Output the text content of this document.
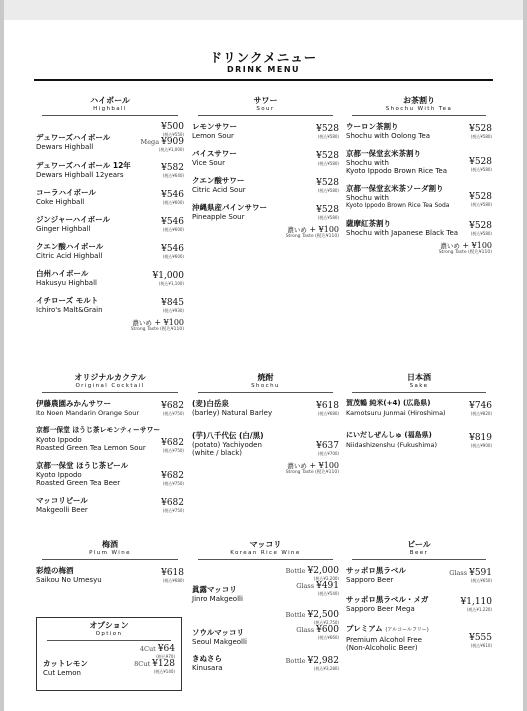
ドリンクメニュー
DRINK MENU
ハイボール
Highball
デュワーズハイボール
Dewars Highball
¥500
(税込¥550)
Mega ¥909
(税込¥1,000)
デュワーズハイボール 12年
Dewars Highball 12years
¥582
(税込¥640)
コーラハイボール
Coke Highball
¥546
(税込¥600)
ジンジャーハイボール
Ginger Highball
¥546
(税込¥600)
クエン酸ハイボール
Citric Acid Highball
¥546
(税込¥600)
白州ハイボール
Hakusyu Highball
¥1,000
(税込¥1,100)
イチローズ モルト
Ichiro's Malt&Grain
¥845
(税込¥930)
濃いめ + ¥100
Strong Taste (税込¥110)
サワー
Sour
レモンサワー
Lemon Sour
¥528
(税込¥580)
バイスサワー
Vice Sour
¥528
(税込¥580)
クエン酸サワー
Citric Acid Sour
¥528
(税込¥580)
沖縄県産パインサワー
Pineapple Sour
¥528
(税込¥580)
濃いめ + ¥100
Strong Taste (税込¥110)
お茶割り
Shochu With Tea
ウーロン茶割り
Shochu with Oolong Tea
¥528
(税込¥580)
京都一保堂玄米茶割り
Shochu with
Kyoto Ippodo Brown Rice Tea
¥528
(税込¥580)
京都一保堂玄米茶ソーダ割り
Shochu with
Kyoto Ippodo Brown Rice Tea Soda
¥528
(税込¥580)
薩摩紅茶割り
Shochu with Japanese Black Tea
¥528
(税込¥580)
濃いめ + ¥100
Strong Taste (税込¥110)
オリジナルカクテル
Original Cocktail
伊藤農園みかんサワー
Ito Noen Mandarin Orange Sour
¥682
(税込¥750)
京都一保堂 ほうじ茶レモンティーサワー
Kyoto Ippodo
Roasted Green Tea Lemon Sour	¥682
(税込¥750)
京都一保堂 ほうじ茶ビール
Kyoto Ippodo
Roasted Green Tea Beer
¥682
(税込¥750)
マッコリビール
Makgeolli Beer
¥682
(税込¥750)
焼酎
Shochu
(麦)白岳泉
(barley) Natural Barley
¥618
(税込¥680)
(芋)八千代伝 (白/黒)
(potato) Yachiyoden
(white / black)
¥637
(税込¥700)
濃いめ + ¥100
Strong Taste (税込¥110)
日本酒
Sake
賀茂鶴 純米(+4) (広島県)
Kamotsuru Junmai (Hiroshima)
¥746
(税込¥820)
にいだしぜんしゅ (福島県)
Niidashizenshu (Fukushima)
¥819
(税込¥900)
梅酒
Plum Wine
彩煌の梅酒
Saikou No Umesyu
¥618
(税込¥680)
オプション
Option
4Cut ¥64
(税込¥70)
カットレモン
Cut Lemon
8Cut ¥128
(税込¥140)
マッコリ
Korean Rice Wine
Bottle ¥2,000
(税込¥2,200)
Glass ¥491
(税込¥540)
眞露マッコリ
Jinro Makgeolli
Bottle ¥2,500
(税込¥2,750)
Glass ¥600
(税込¥660)
ソウルマッコリ
Seoul Makgeolli
きぬさら
Kinusara
Bottle ¥2,982
(税込¥3,280)
ビール
Beer
サッポロ黒ラベル
Sapporo Beer
Glass ¥591
(税込¥650)
サッポロ黒ラベル・メガ
Sapporo Beer Mega
¥1,110
(税込¥1,220)
プレミアム (アルコールフリー)
Premium Alcohol Free
(Non-Alcoholic Beer)
¥555
(税込¥610)
